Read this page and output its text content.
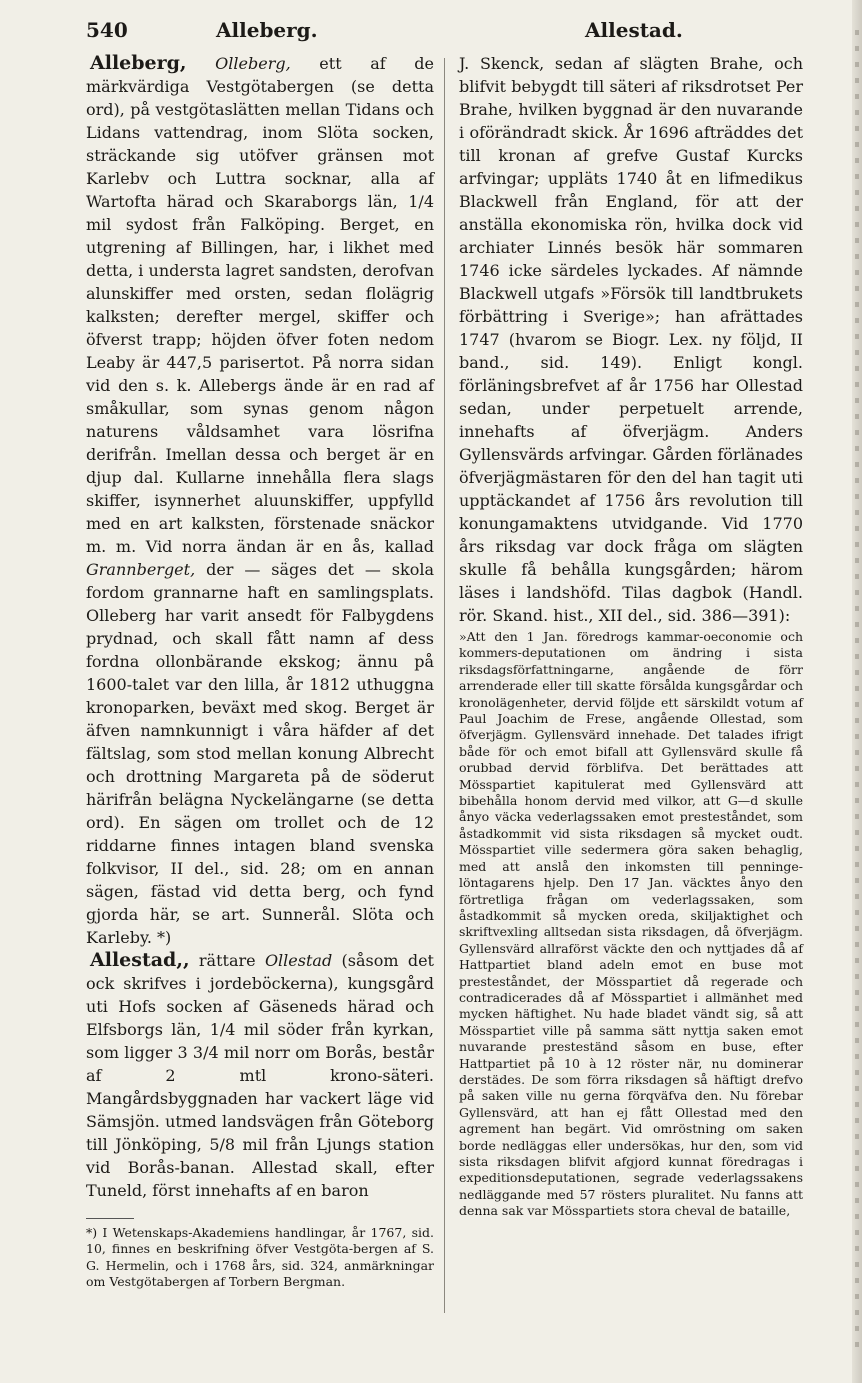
540	Alleberg.	Allestad.

Alleberg, Olleberg, ett af de märkvärdiga Vestgötabergen (se detta ord), på vestgötaslätten mellan Tidans och Lidans vattendrag, inom Slöta socken, sträckande sig utöfver gränsen mot Karlebv och Luttra socknar, alla af Wartofta härad och Skaraborgs län, 1/4 mil sydost från Falköping. Berget, en utgrening af Billingen, har, i likhet med detta, i understa lagret sandsten, derofvan alunskiffer med orsten, sedan flolägrig kalksten; derefter mergel, skiffer och öfverst trapp; höjden öfver foten nedom Leaby är 447,5 parisertot. På norra sidan vid den s. k. Allebergs ände är en rad af småkullar, som synas genom någon naturens våldsamhet vara lösrifna derifrån. Imellan dessa och berget är en djup dal. Kullarne innehålla flera slags skiffer, isynnerhet aluunskiffer, uppfylld med en art kalksten, förstenade snäckor m. m. Vid norra ändan är en ås, kallad Grannberget, der — säges det — skola fordom grannarne haft en samlingsplats. Olleberg har varit ansedt för Falbygdens prydnad, och skall fått namn af dess fordna ollonbärande ekskog; ännu på 1600-talet var den lilla, år 1812 uthuggna kronoparken, beväxt med skog. Berget är äfven namnkunnigt i våra häfder af det fältslag, som stod mellan konung Albrecht och drottning Margareta på de söderut härifrån belägna Nyckelängarne (se detta ord). En sägen om trollet och de 12 riddarne finnes intagen bland svenska folkvisor, II del., sid. 28; om en annan sägen, fästad vid detta berg, och fynd gjorda här, se art. Sunnerål. Slöta och Karleby. *)

Allestad,, rättare Ollestad (såsom det ock skrifves i jordeböckerna), kungsgård uti Hofs socken af Gäseneds härad och Elfsborgs län, 1/4 mil söder från kyrkan, som ligger 3 3/4 mil norr om Borås, består af 2 mtl krono-säteri. Mangårdsbyggnaden har vackert läge vid Sämsjön. utmed landsvägen från Göteborg till Jönköping, 5/8 mil från Ljungs station vid Borås-banan. Allestad skall, efter Tuneld, först innehafts af en baron

*) I Wetenskaps-Akademiens handlingar, år 1767, sid. 10, finnes en beskrifning öfver Vestgöta-bergen af S. G. Hermelin, och i 1768 års, sid. 324, anmärkningar om Vestgötabergen af Torbern Bergman.

J. Skenck, sedan af slägten Brahe, och blifvit bebygdt till säteri af riksdrotset Per Brahe, hvilken byggnad är den nuvarande i oförändradt skick. År 1696 afträddes det till kronan af grefve Gustaf Kurcks arfvingar; uppläts 1740 åt en lifmedikus Blackwell från England, för att der anställa ekonomiska rön, hvilka dock vid archiater Linnés besök här sommaren 1746 icke särdeles lyckades. Af nämnde Blackwell utgafs »Försök till landtbrukets förbättring i Sverige»; han afrättades 1747 (hvarom se Biogr. Lex. ny följd, II band., sid. 149). Enligt kongl. förläningsbrefvet af år 1756 har Ollestad sedan, under perpetuelt arrende, innehafts af öfverjägm. Anders Gyllensvärds arfvingar. Gården förlänades öfverjägmästaren för den del han tagit uti upptäckandet af 1756 års revolution till konungamaktens utvidgande. Vid 1770 års riksdag var dock fråga om slägten skulle få behålla kungsgården; härom läses i landshöfd. Tilas dagbok (Handl. rör. Skand. hist., XII del., sid. 386—391):

»Att den 1 Jan. föredrogs kammar-oeconomie och kommers-deputationen om ändring i sista riksdagsförfattningarne, angående de förr arrenderade eller till skatte försålda kungsgårdar och kronolägenheter, dervid följde ett särskildt votum af Paul Joachim de Frese, angående Ollestad, som öfverjägm. Gyllensvärd innehade. Det talades ifrigt både för och emot bifall att Gyllensvärd skulle få orubbad dervid förblifva. Det berättades att Mösspartiet kapitulerat med Gyllensvärd att bibehålla honom dervid med vilkor, att G—d skulle ånyo väcka vederlagssaken emot presteståndet, som åstadkommit vid sista riksdagen så mycket oudt. Mösspartiet ville sedermera göra saken behaglig, med att anslå den inkomsten till penninge-löntagarens hjelp. Den 17 Jan. väcktes ånyo den förtretliga frågan om vederlagssaken, som åstadkommit så mycken oreda, skiljaktighet och skriftvexling alltsedan sista riksdagen, då öfverjägm. Gyllensvärd allraförst väckte den och nyttjades då af Hattpartiet bland adeln emot en buse mot presteståndet, der Mösspartiet då regerade och contradicerades då af Mösspartiet i allmänhet med mycken häftighet. Nu hade bladet vändt sig, så att Mösspartiet ville på samma sätt nyttja saken emot nuvarande presteständ såsom en buse, efter Hattpartiet på 10 à 12 röster när, nu dominerar derstädes. De som förra riksdagen så häftigt drefvo på saken ville nu gerna förqväfva den. Nu förebar Gyllensvärd, att han ej fått Ollestad med den agrement han begärt. Vid omröstning om saken borde nedläggas eller undersökas, hur den, som vid sista riksdagen blifvit afgjord kunnat föredragas i expeditionsdeputationen, segrade vederlagssakens nedläggande med 57 rösters pluralitet. Nu fanns att denna sak var Mösspartiets stora cheval de bataille,
